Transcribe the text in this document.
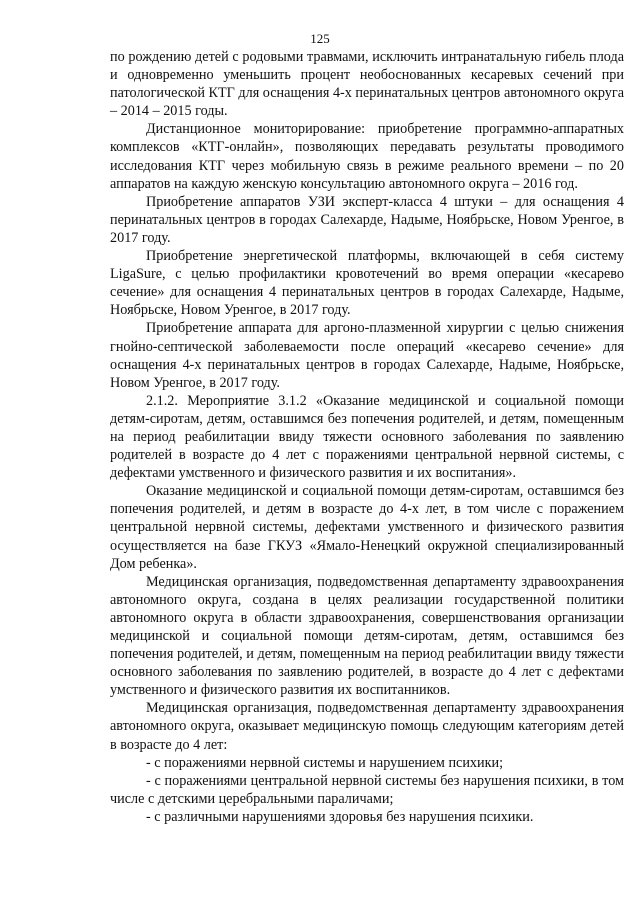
125

по рождению детей с родовыми травмами, исключить интранатальную гибель плода и одновременно уменьшить процент необоснованных кесаревых сечений при патологической КТГ для оснащения 4-х перинатальных центров автономного округа – 2014 – 2015 годы.

Дистанционное мониторирование: приобретение программно-аппаратных комплексов «КТГ-онлайн», позволяющих передавать результаты проводимого исследования КТГ через мобильную связь в режиме реального времени – по 20 аппаратов на каждую женскую консультацию автономного округа – 2016 год.

Приобретение аппаратов УЗИ эксперт-класса 4 штуки – для оснащения 4 перинатальных центров в городах Салехарде, Надыме, Ноябрьске, Новом Уренгое, в 2017 году.

Приобретение энергетической платформы, включающей в себя систему LigaSure, с целью профилактики кровотечений во время операции «кесарево сечение» для оснащения 4 перинатальных центров в городах Салехарде, Надыме, Ноябрьске, Новом Уренгое, в 2017 году.

Приобретение аппарата для аргоно-плазменной хирургии с целью снижения гнойно-септической заболеваемости после операций «кесарево сечение» для оснащения 4-х перинатальных центров в городах Салехарде, Надыме, Ноябрьске, Новом Уренгое, в 2017 году.

2.1.2. Мероприятие 3.1.2 «Оказание медицинской и социальной помощи детям-сиротам, детям, оставшимся без попечения родителей, и детям, помещенным на период реабилитации ввиду тяжести основного заболевания по заявлению родителей в возрасте до 4 лет с поражениями центральной нервной системы, с дефектами умственного и физического развития и их воспитания».

Оказание медицинской и социальной помощи детям-сиротам, оставшимся без попечения родителей, и детям в возрасте до 4-х лет, в том числе с поражением центральной нервной системы, дефектами умственного и физического развития осуществляется на базе ГКУЗ «Ямало-Ненецкий окружной специализированный Дом ребенка».

Медицинская организация, подведомственная департаменту здравоохранения автономного округа, создана в целях реализации государственной политики автономного округа в области здравоохранения, совершенствования организации медицинской и социальной помощи детям-сиротам, детям, оставшимся без попечения родителей, и детям, помещенным на период реабилитации ввиду тяжести основного заболевания по заявлению родителей, в возрасте до 4 лет с дефектами умственного и физического развития их воспитанников.

Медицинская организация, подведомственная департаменту здравоохранения автономного округа, оказывает медицинскую помощь следующим категориям детей в возрасте до 4 лет:

- с поражениями нервной системы и нарушением психики;

- с поражениями центральной нервной системы без нарушения психики, в том числе с детскими церебральными параличами;

- с различными нарушениями здоровья без нарушения психики.
